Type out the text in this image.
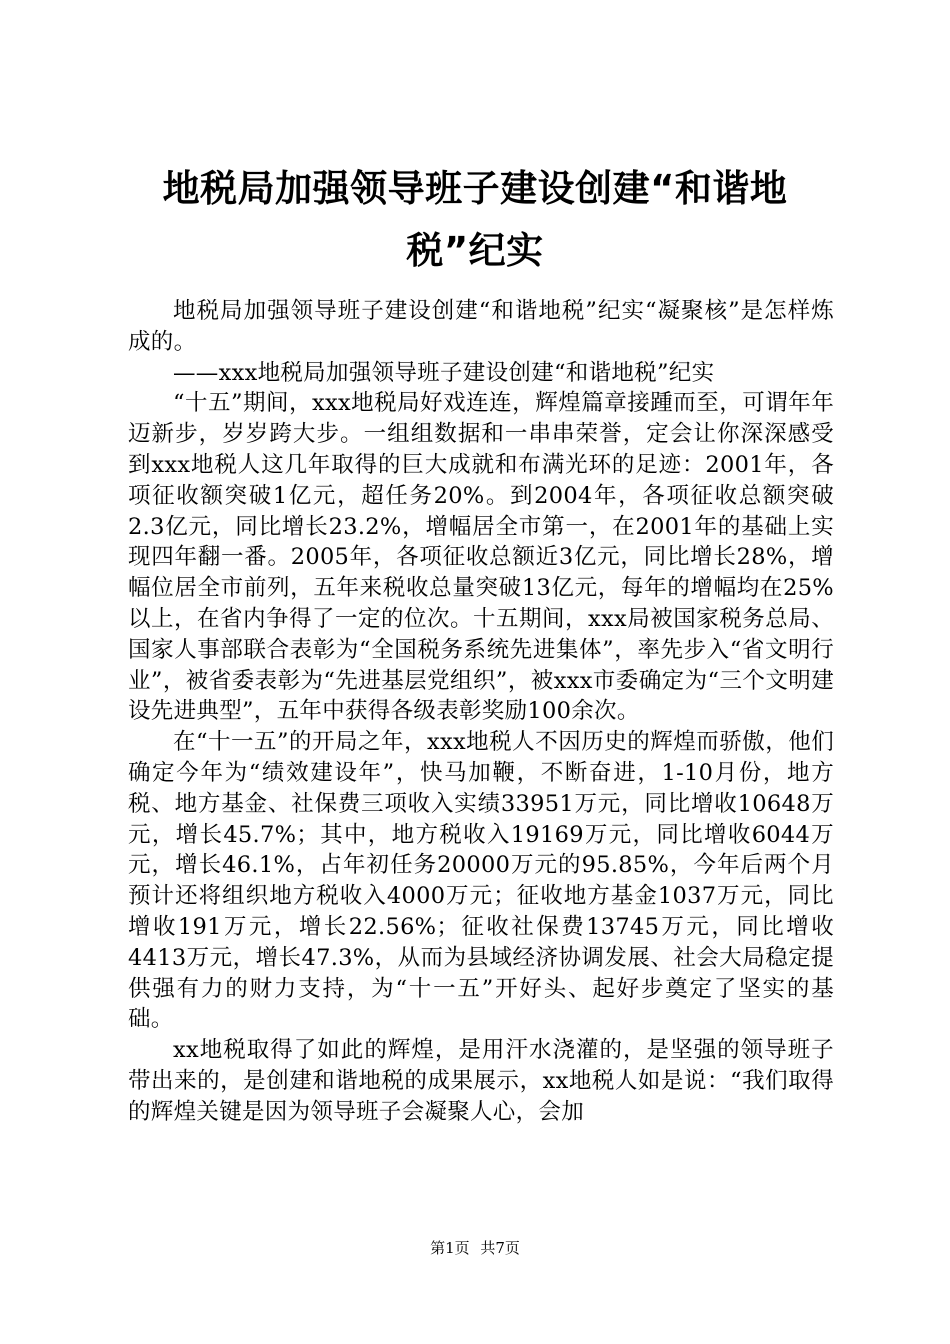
地税局加强领导班子建设创建“和谐地税”纪实

地税局加强领导班子建设创建“和谐地税”纪实“凝聚核”是怎样炼成的。

——xxx地税局加强领导班子建设创建“和谐地税”纪实

“十五”期间，xxx地税局好戏连连，辉煌篇章接踵而至，可谓年年迈新步，岁岁跨大步。一组组数据和一串串荣誉，定会让你深深感受到xxx地税人这几年取得的巨大成就和布满光环的足迹：2001年，各项征收额突破1亿元，超任务20%。到2004年，各项征收总额突破2.3亿元，同比增长23.2%，增幅居全市第一，在2001年的基础上实现四年翻一番。2005年，各项征收总额近3亿元，同比增长28%，增幅位居全市前列，五年来税收总量突破13亿元，每年的增幅均在25%以上，在省内争得了一定的位次。十五期间，xxx局被国家税务总局、国家人事部联合表彰为“全国税务系统先进集体”，率先步入“省文明行业”，被省委表彰为“先进基层党组织”，被xxx市委确定为“三个文明建设先进典型”，五年中获得各级表彰奖励100余次。

在“十一五”的开局之年，xxx地税人不因历史的辉煌而骄傲，他们确定今年为“绩效建设年”，快马加鞭，不断奋进，1-10月份，地方税、地方基金、社保费三项收入实绩33951万元，同比增收10648万元，增长45.7%；其中，地方税收入19169万元，同比增收6044万元，增长46.1%，占年初任务20000万元的95.85%，今年后两个月预计还将组织地方税收入4000万元；征收地方基金1037万元，同比增收191万元，增长22.56%；征收社保费13745万元，同比增收4413万元，增长47.3%，从而为县域经济协调发展、社会大局稳定提供强有力的财力支持，为“十一五”开好头、起好步奠定了坚实的基础。

xx地税取得了如此的辉煌，是用汗水浇灌的，是坚强的领导班子带出来的，是创建和谐地税的成果展示，xx地税人如是说：“我们取得的辉煌关键是因为领导班子会凝聚人心，会加

第1页 共7页
